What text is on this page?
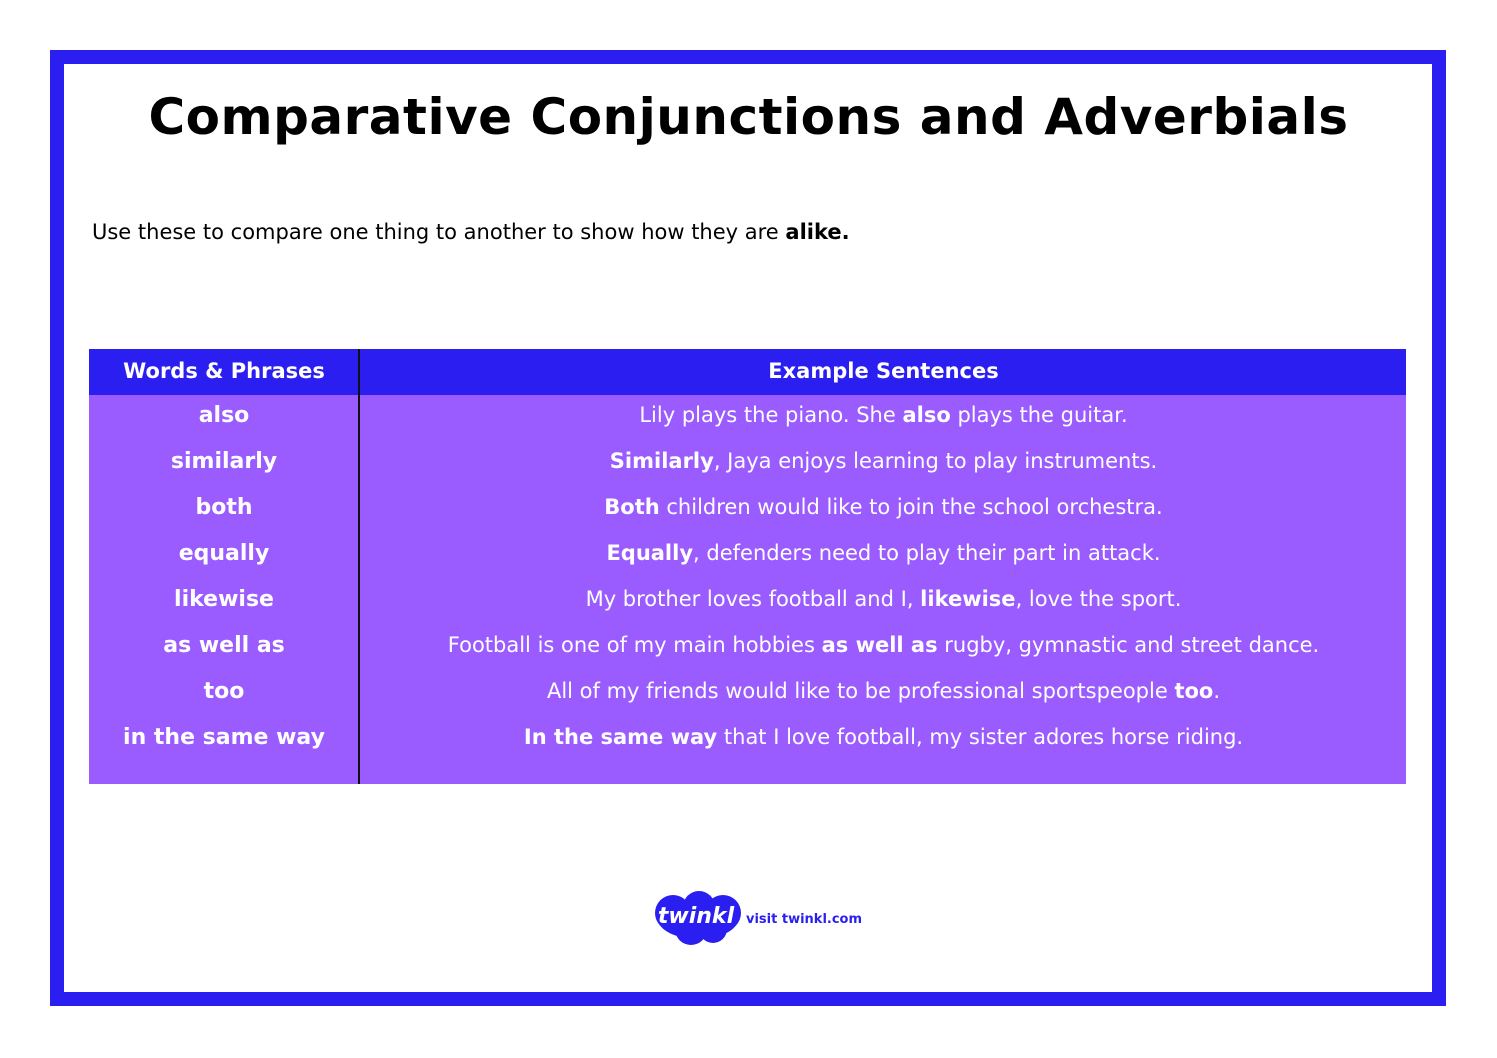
Comparative Conjunctions and Adverbials
Use these to compare one thing to another to show how they are alike.
Words & Phrases	Example Sentences
also	Lily plays the piano. She also plays the guitar.
similarly	Similarly, Jaya enjoys learning to play instruments.
both	Both children would like to join the school orchestra.
equally	Equally, defenders need to play their part in attack.
likewise	My brother loves football and I, likewise, love the sport.
as well as	Football is one of my main hobbies as well as rugby, gymnastic and street dance.
too	All of my friends would like to be professional sportspeople too.
in the same way	In the same way that I love football, my sister adores horse riding.
twinkl visit twinkl.com
